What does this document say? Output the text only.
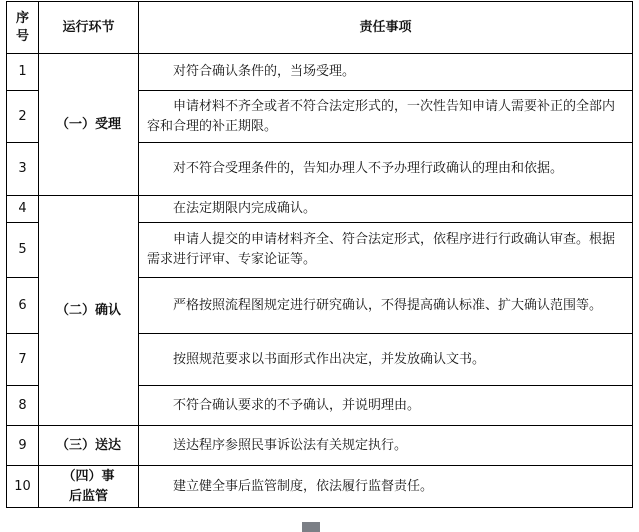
序号	运行环节	责任事项
1	（一）受理	对符合确认条件的，当场受理。
2		申请材料不齐全或者不符合法定形式的，一次性告知申请人需要补正的全部内容和合理的补正期限。
3		对不符合受理条件的，告知办理人不予办理行政确认的理由和依据。
4	（二）确认	在法定期限内完成确认。
5		申请人提交的申请材料齐全、符合法定形式，依程序进行行政确认审查。根据需求进行评审、专家论证等。
6		严格按照流程图规定进行研究确认，不得提高确认标准、扩大确认范围等。
7		按照规范要求以书面形式作出决定，并发放确认文书。
8		不符合确认要求的不予确认，并说明理由。
9	（三）送达	送达程序参照民事诉讼法有关规定执行。
10	（四）事后监管	建立健全事后监管制度，依法履行监督责任。
